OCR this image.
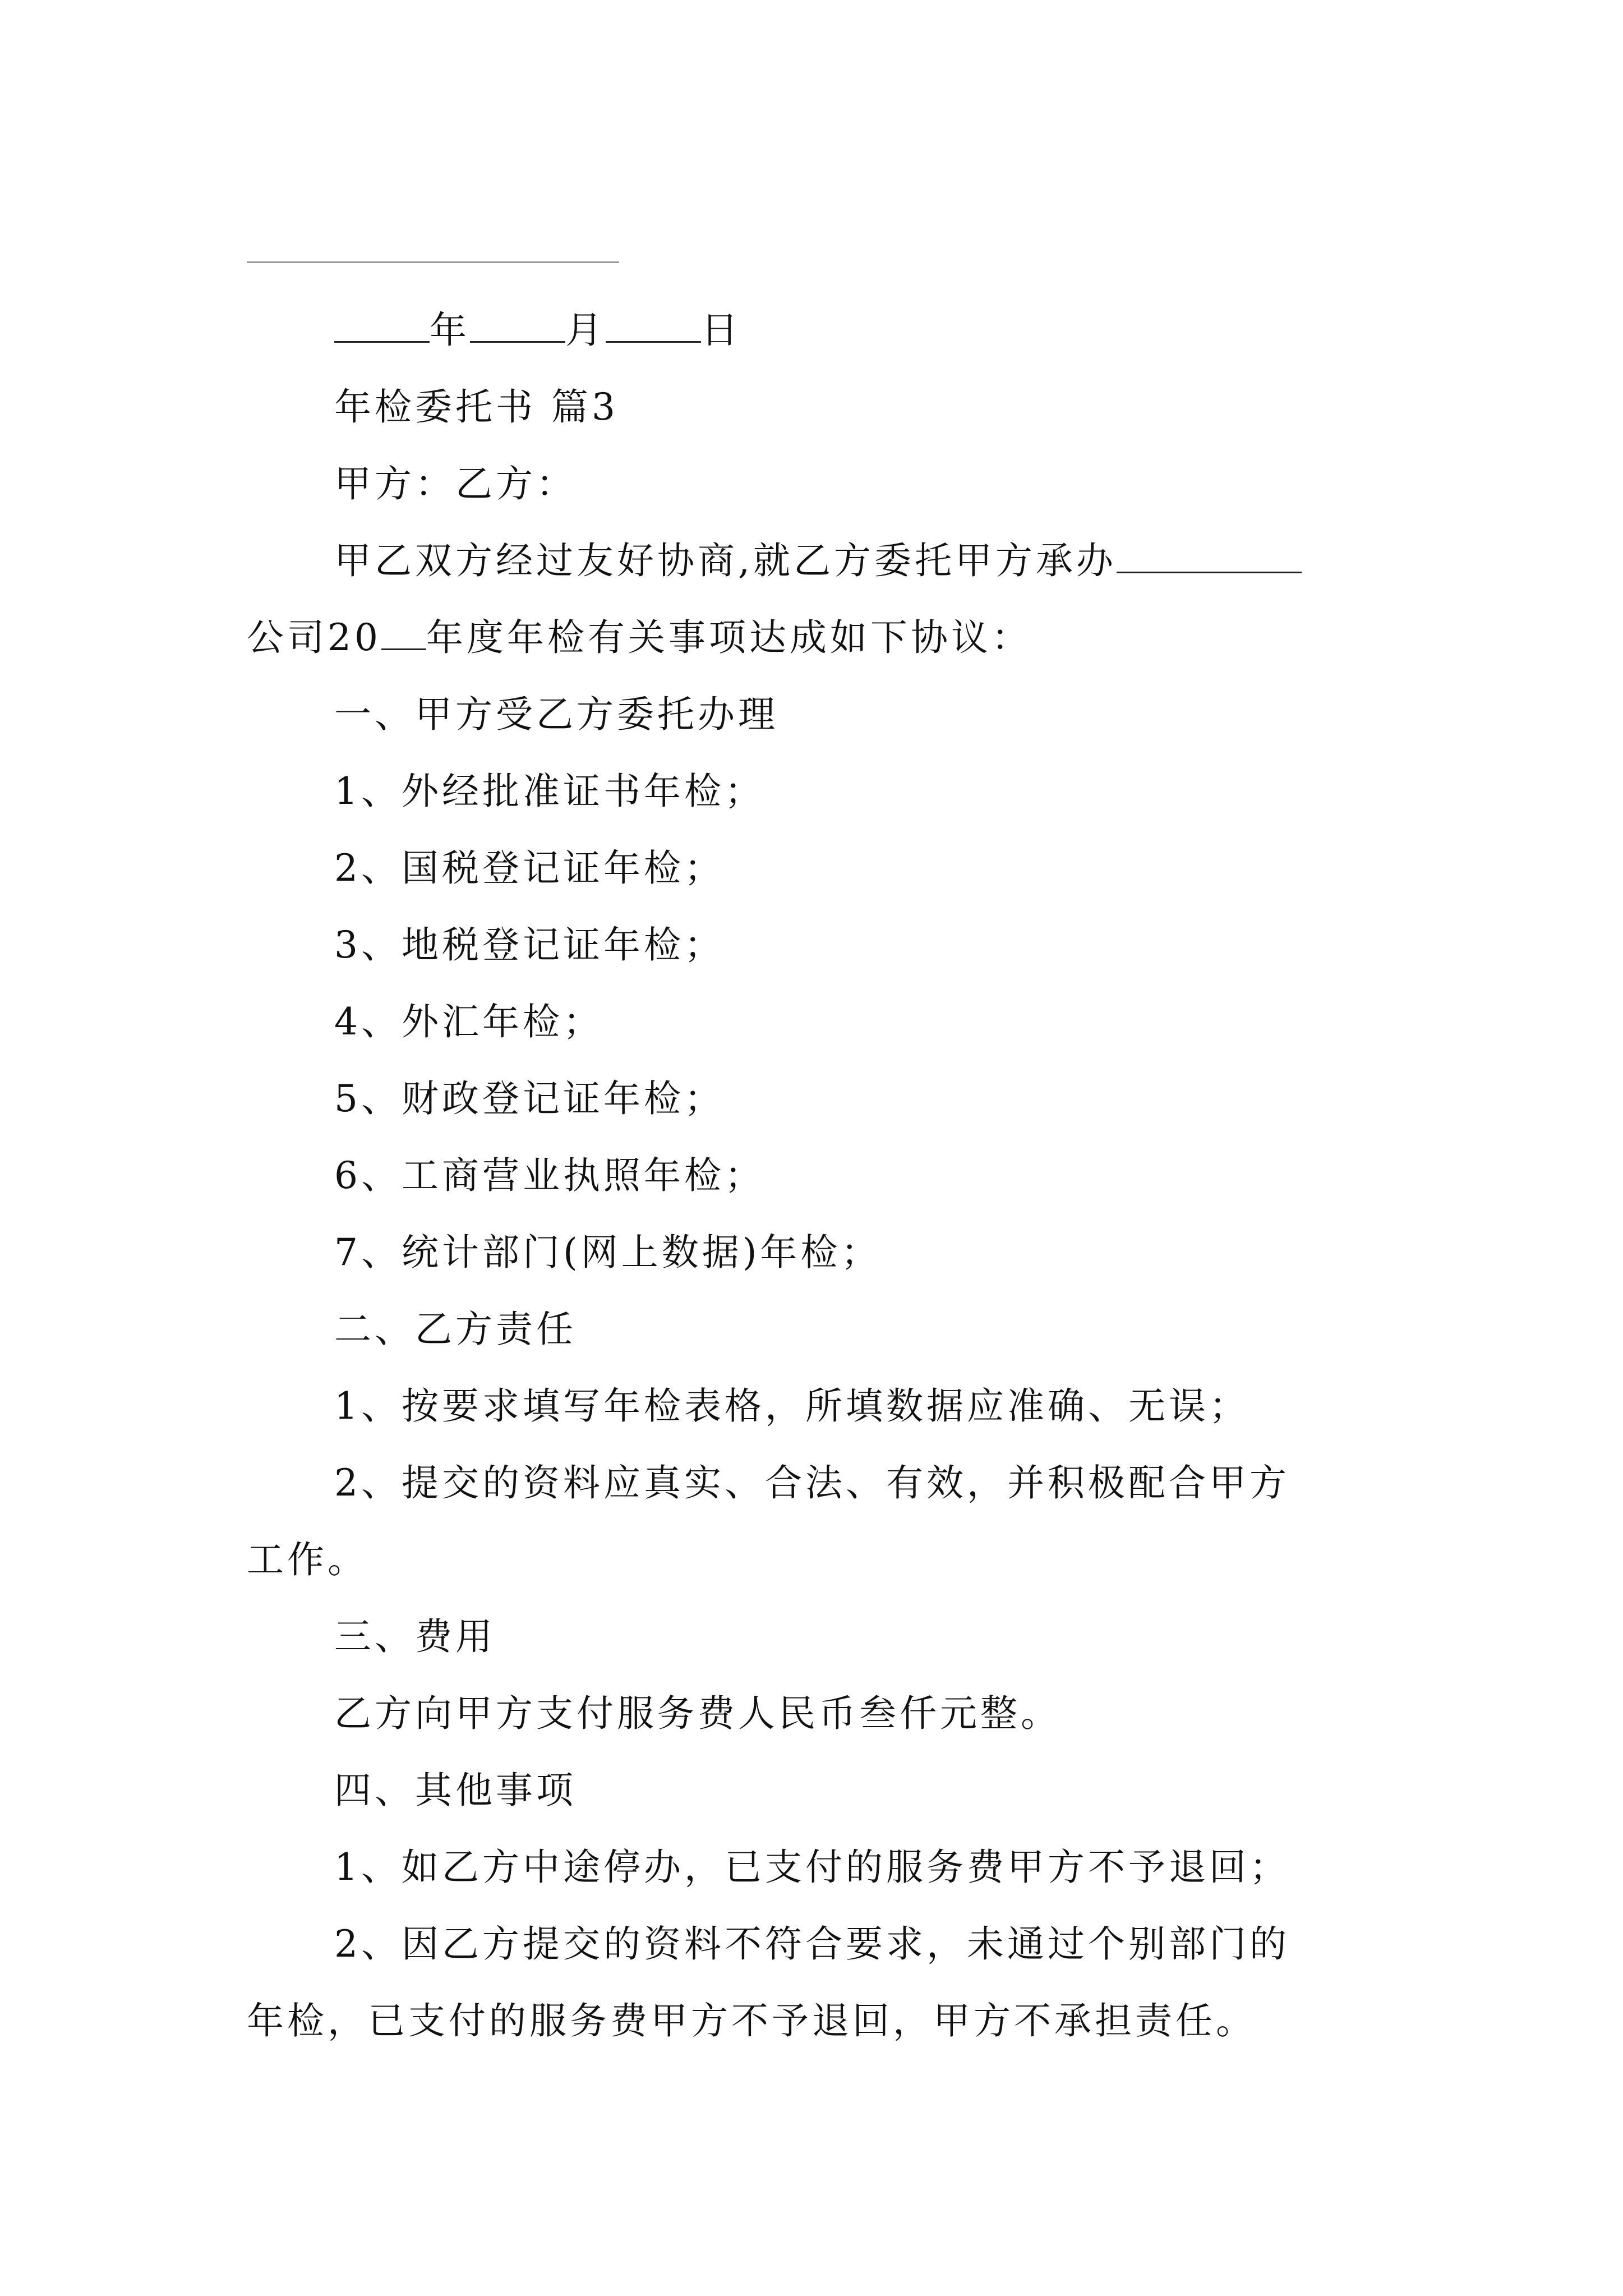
年	月	日
年检委托书 篇3
甲方：乙方：
甲乙双方经过友好协商,就乙方委托甲方承办
公司20 年度年检有关事项达成如下协议：
一、甲方受乙方委托办理
1、外经批准证书年检；
2、国税登记证年检；
3、地税登记证年检；
4、外汇年检；
5、财政登记证年检；
6、工商营业执照年检；
7、统计部门(网上数据)年检；
二、乙方责任
1、按要求填写年检表格，所填数据应准确、无误；
2、提交的资料应真实、合法、有效，并积极配合甲方
工作。
三、费用
乙方向甲方支付服务费人民币叁仟元整。
四、其他事项
1、如乙方中途停办，已支付的服务费甲方不予退回；
2、因乙方提交的资料不符合要求，未通过个别部门的
年检，已支付的服务费甲方不予退回，甲方不承担责任。
